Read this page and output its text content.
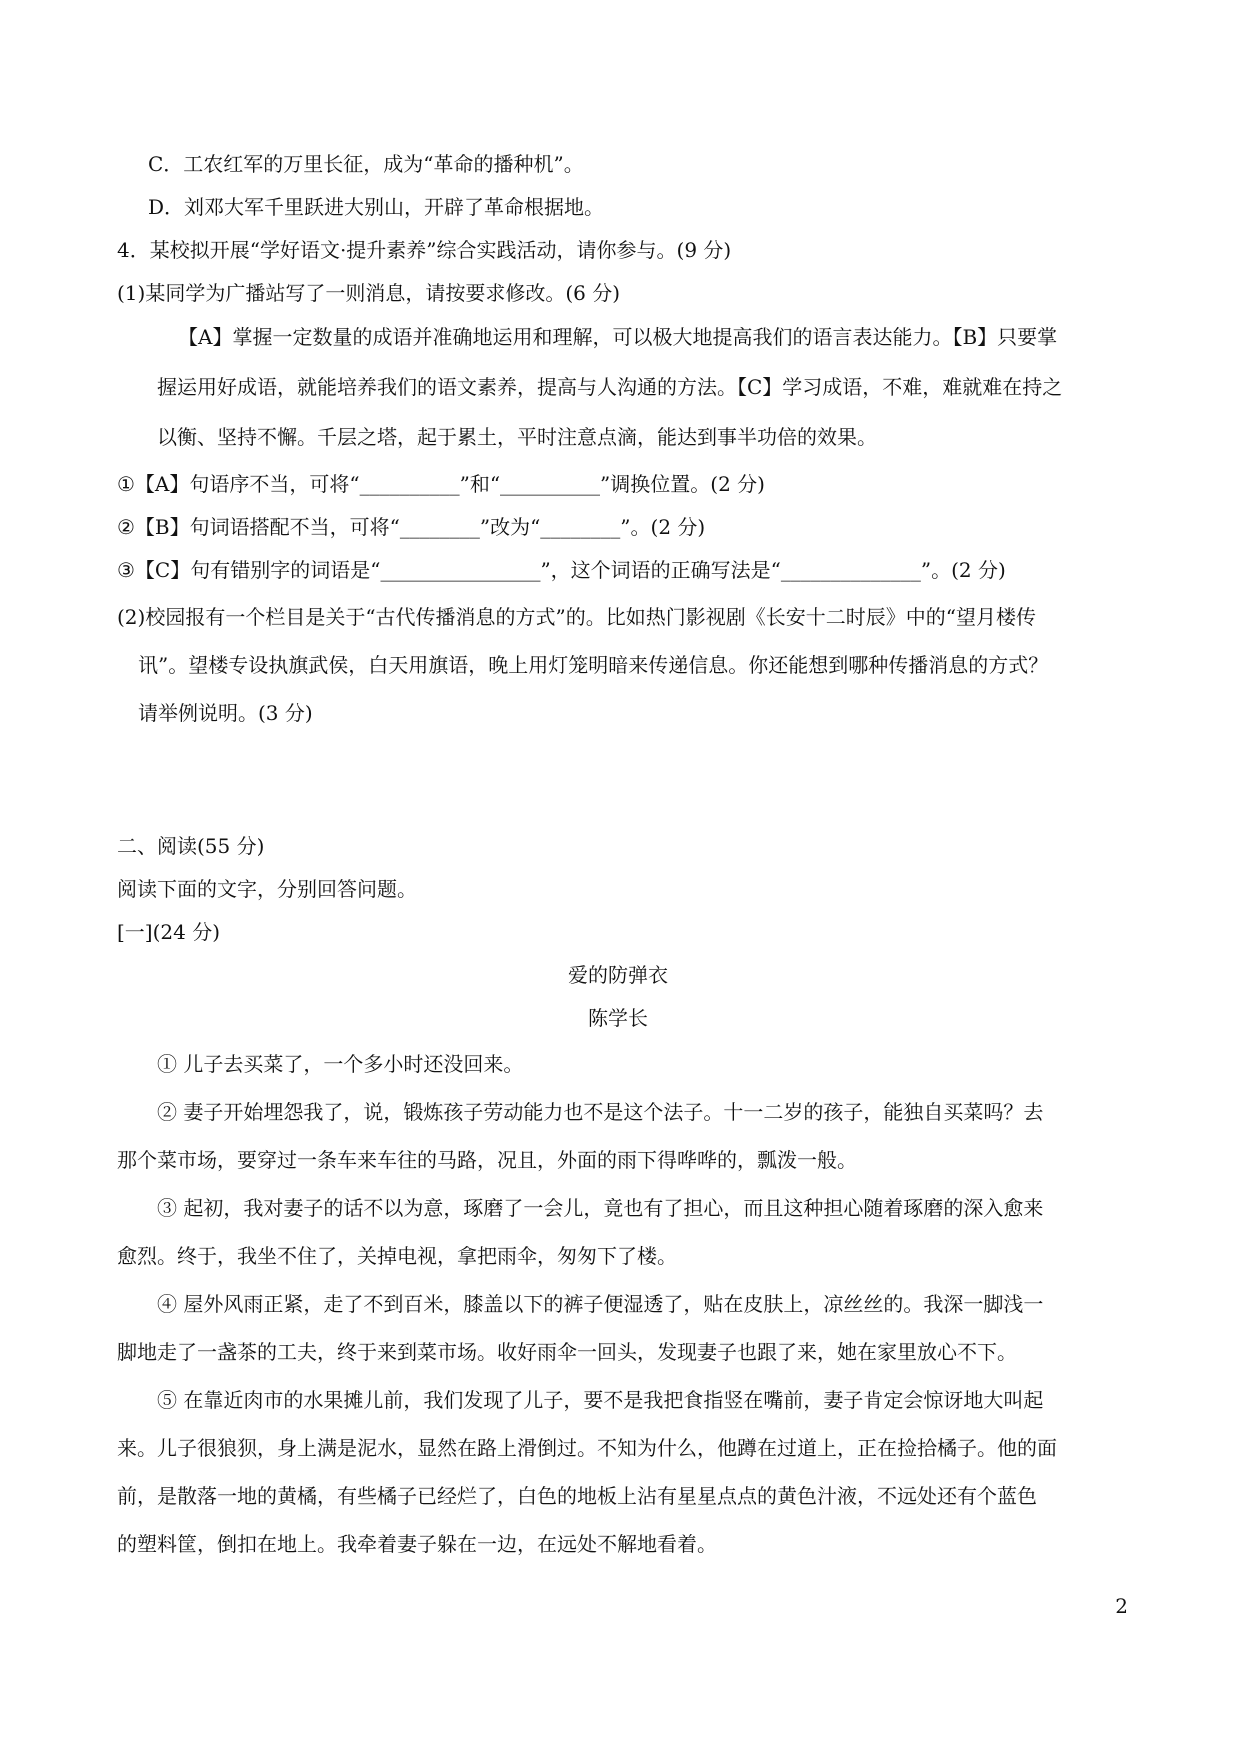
C．工农红军的万里长征，成为“革命的播种机”。
D．刘邓大军千里跃进大别山，开辟了革命根据地。
4．某校拟开展“学好语文·提升素养”综合实践活动，请你参与。(9 分)
(1)某同学为广播站写了一则消息，请按要求修改。(6 分)
【A】掌握一定数量的成语并准确地运用和理解，可以极大地提高我们的语言表达能力。【B】只要掌
握运用好成语，就能培养我们的语文素养，提高与人沟通的方法。【C】学习成语，不难，难就难在持之
以衡、坚持不懈。千层之塔，起于累土，平时注意点滴，能达到事半功倍的效果。
①【A】句语序不当，可将“__________”和“__________”调换位置。(2 分)
②【B】句词语搭配不当，可将“________”改为“________”。(2 分)
③【C】句有错别字的词语是“________________”，这个词语的正确写法是“______________”。(2 分)
(2)校园报有一个栏目是关于“古代传播消息的方式”的。比如热门影视剧《长安十二时辰》中的“望月楼传
讯”。望楼专设执旗武侯，白天用旗语，晚上用灯笼明暗来传递信息。你还能想到哪种传播消息的方式？
请举例说明。(3 分)
二、阅读(55 分)
阅读下面的文字，分别回答问题。
[一](24 分)
爱的防弹衣
陈学长
① 儿子去买菜了，一个多小时还没回来。
② 妻子开始埋怨我了，说，锻炼孩子劳动能力也不是这个法子。十一二岁的孩子，能独自买菜吗？去
那个菜市场，要穿过一条车来车往的马路，况且，外面的雨下得哗哗的，瓢泼一般。
③ 起初，我对妻子的话不以为意，琢磨了一会儿，竟也有了担心，而且这种担心随着琢磨的深入愈来
愈烈。终于，我坐不住了，关掉电视，拿把雨伞，匆匆下了楼。
④ 屋外风雨正紧，走了不到百米，膝盖以下的裤子便湿透了，贴在皮肤上，凉丝丝的。我深一脚浅一
脚地走了一盏茶的工夫，终于来到菜市场。收好雨伞一回头，发现妻子也跟了来，她在家里放心不下。
⑤ 在靠近肉市的水果摊儿前，我们发现了儿子，要不是我把食指竖在嘴前，妻子肯定会惊讶地大叫起
来。儿子很狼狈，身上满是泥水，显然在路上滑倒过。不知为什么，他蹲在过道上，正在捡拾橘子。他的面
前，是散落一地的黄橘，有些橘子已经烂了，白色的地板上沾有星星点点的黄色汁液，不远处还有个蓝色
的塑料筐，倒扣在地上。我牵着妻子躲在一边，在远处不解地看着。
2
